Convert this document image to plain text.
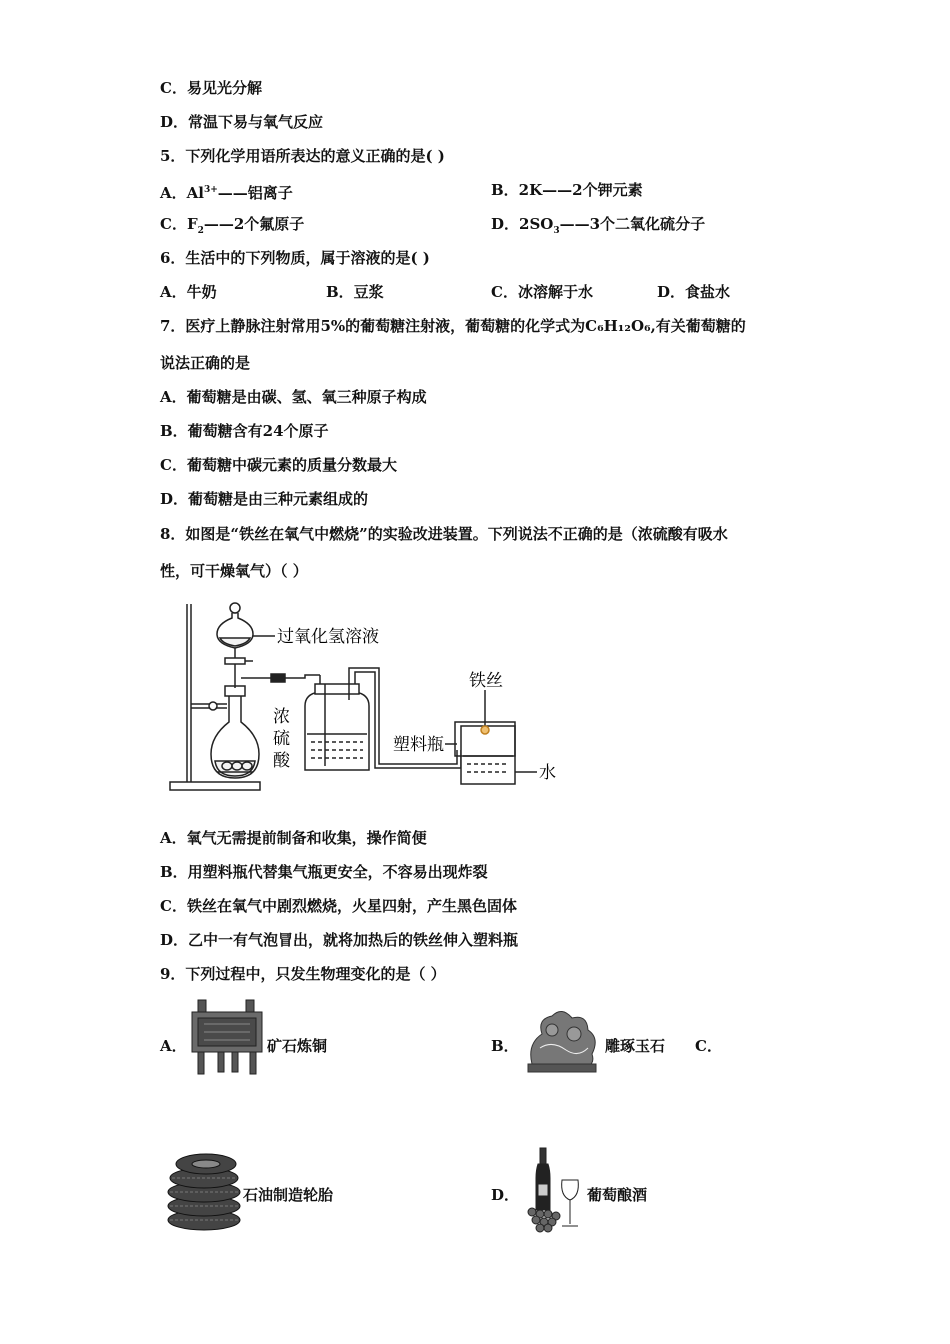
C．易见光分解
D．常温下易与氧气反应
5．下列化学用语所表达的意义正确的是( )
A．$Al^{3+}——$铝离子	B．2K——2个钾元素
C．$F_2——2$个氟原子	D．$2SO_3——3$个二氧化硫分子
6．生活中的下列物质，属于溶液的是( )
A．牛奶	B．豆浆	C．冰溶解于水	D．食盐水
7．医疗上静脉注射常用5%的葡萄糖注射液，葡萄糖的化学式为C₆H₁₂O₆,有关葡萄糖的
说法正确的是
A．葡萄糖是由碳、氢、氧三种原子构成
B．葡萄糖含有24个原子
C．葡萄糖中碳元素的质量分数最大
D．葡萄糖是由三种元素组成的
8．如图是“铁丝在氧气中燃烧”的实验改进装置。下列说法不正确的是（浓硫酸有吸水
性，可干燥氧气）（ ）
过氧化氢溶液
浓
硫
酸
铁丝
塑料瓶
水
A．氧气无需提前制备和收集，操作简便
B．用塑料瓶代替集气瓶更安全，不容易出现炸裂
C．铁丝在氧气中剧烈燃烧，火星四射，产生黑色固体
D．乙中一有气泡冒出，就将加热后的铁丝伸入塑料瓶
9．下列过程中，只发生物理变化的是（ ）
A．	矿石炼铜	B．	雕琢玉石 C．
石油制造轮胎	D．	葡萄酿酒
